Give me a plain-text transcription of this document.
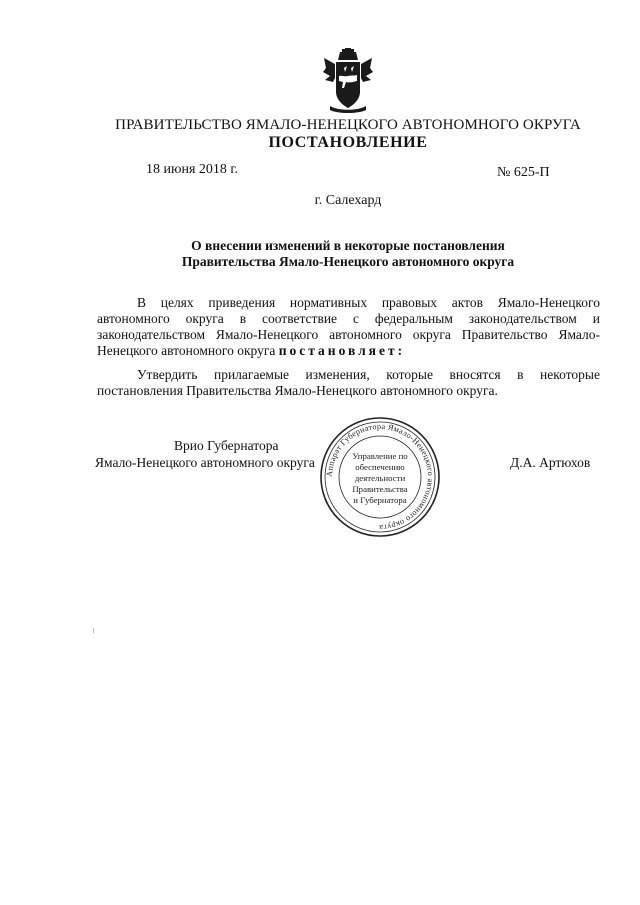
ПРАВИТЕЛЬСТВО ЯМАЛО-НЕНЕЦКОГО АВТОНОМНОГО ОКРУГА
ПОСТАНОВЛЕНИЕ
18 июня 2018 г.	№ 625-П
г. Салехард
О внесении изменений в некоторые постановления
Правительства Ямало-Ненецкого автономного округа
В целях приведения нормативных правовых актов Ямало-Ненецкого автономного округа в соответствие с федеральным законодательством и законодательством Ямало-Ненецкого автономного округа Правительство Ямало-Ненецкого автономного округа постановляет:
Утвердить прилагаемые изменения, которые вносятся в некоторые постановления Правительства Ямало-Ненецкого автономного округа.
Врио Губернатора
Ямало-Ненецкого автономного округа
Аппарат Губернатора Ямало-Ненецкого автономного округа
Управление по
обеспечению
деятельности
Правительства
и Губернатора
Д.А. Артюхов
